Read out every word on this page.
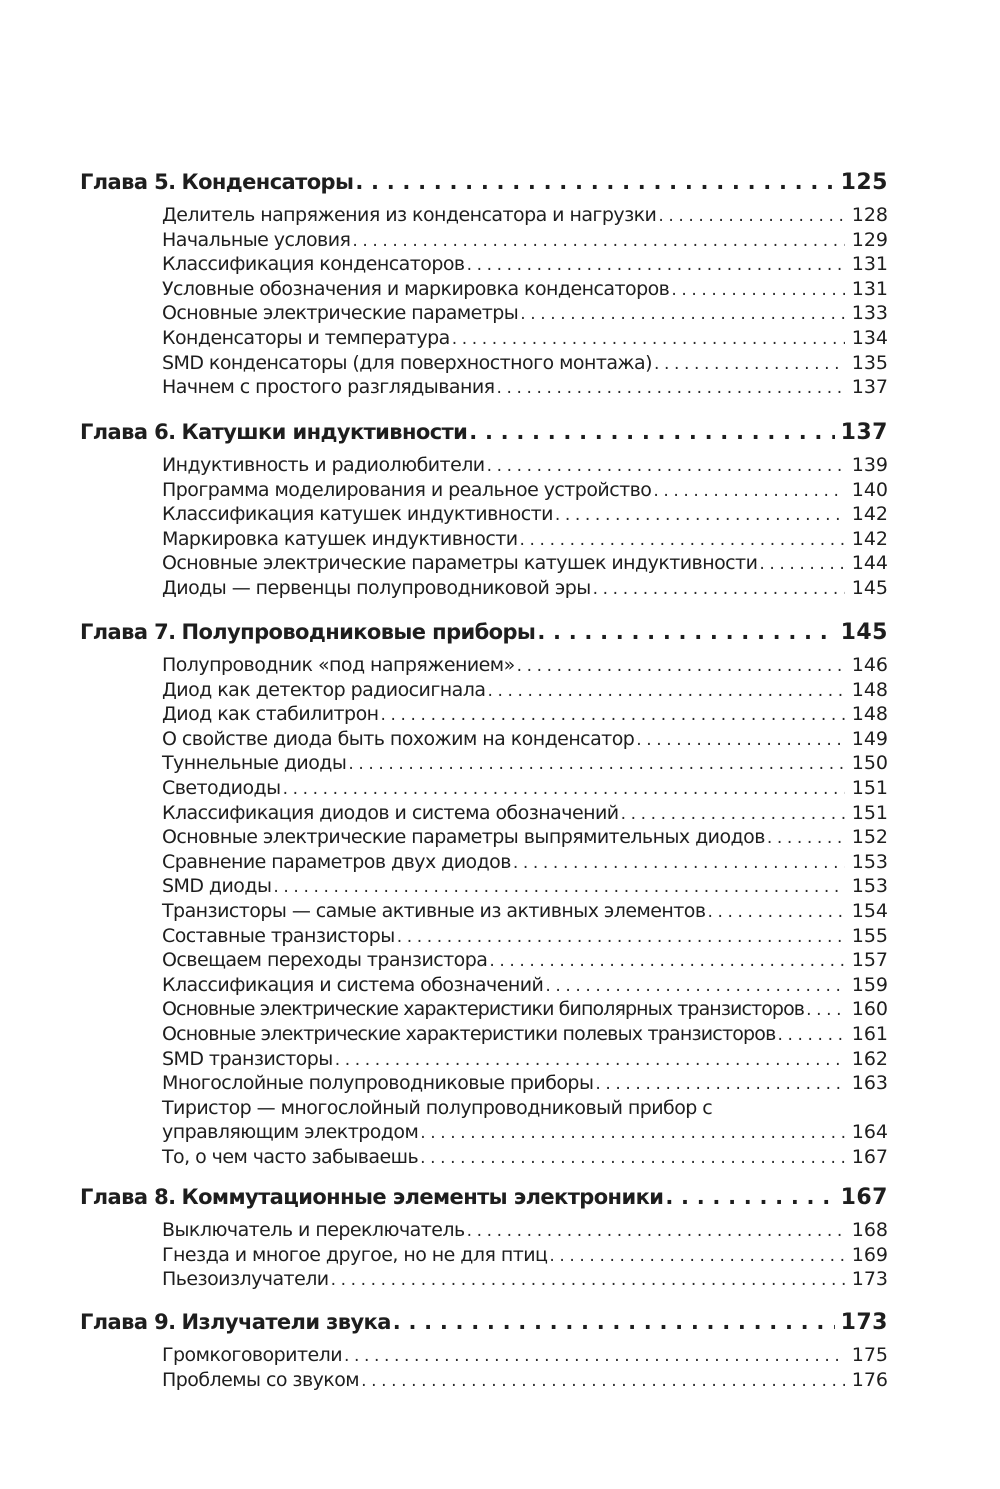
Глава 5. Конденсаторы . . .	125
Делитель напряжения из конденсатора и нагрузки . . .	128
Начальные условия . . .	129
Классификация конденсаторов . . .	131
Условные обозначения и маркировка конденсаторов . . .	131
Основные электрические параметры . . .	133
Конденсаторы и температура . . .	134
SMD конденсаторы (для поверхностного монтажа) . . .	135
Начнем с простого разглядывания . . .	137
Глава 6. Катушки индуктивности . . .	137
Индуктивность и радиолюбители . . .	139
Программа моделирования и реальное устройство . . .	140
Классификация катушек индуктивности . . .	142
Маркировка катушек индуктивности . . .	142
Основные электрические параметры катушек индуктивности . . .	144
Диоды — первенцы полупроводниковой эры . . .	145
Глава 7. Полупроводниковые приборы . . .	145
Полупроводник «под напряжением» . . .	146
Диод как детектор радиосигнала . . .	148
Диод как стабилитрон . . .	148
О свойстве диода быть похожим на конденсатор . . .	149
Туннельные диоды . . .	150
Светодиоды . . .	151
Классификация диодов и система обозначений . . .	151
Основные электрические параметры выпрямительных диодов . . .	152
Сравнение параметров двух диодов . . .	153
SMD диоды . . .	153
Транзисторы — самые активные из активных элементов . . .	154
Составные транзисторы . . .	155
Освещаем переходы транзистора . . .	157
Классификация и система обозначений . . .	159
Основные электрические характеристики биполярных транзисторов . . .	160
Основные электрические характеристики полевых транзисторов . . .	161
SMD транзисторы . . .	162
Многослойные полупроводниковые приборы . . .	163
Тиристор — многослойный полупроводниковый прибор с
управляющим электродом . . .	164
То, о чем часто забываешь . . .	167
Глава 8. Коммутационные элементы электроники . . .	167
Выключатель и переключатель . . .	168
Гнезда и многое другое, но не для птиц . . .	169
Пьезоизлучатели . . .	173
Глава 9. Излучатели звука . . .	173
Громкоговорители . . .	175
Проблемы со звуком . . .	176
